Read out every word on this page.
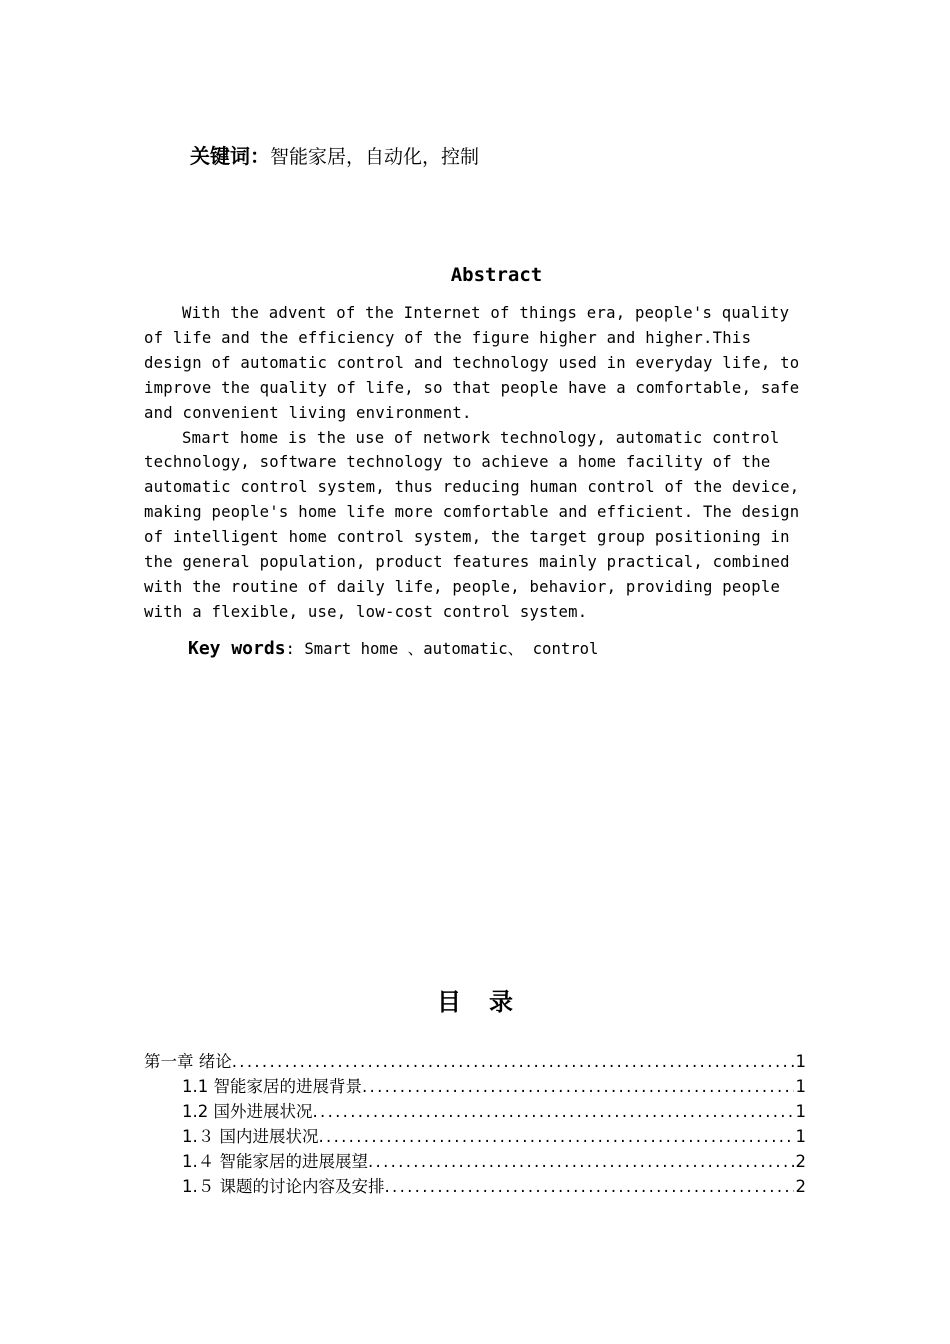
关键词：智能家居，自动化，控制
Abstract

With the advent of the Internet of things era, people's quality
of life and the efficiency of the figure higher and higher.This
design of automatic control and technology used in everyday life, to
improve the quality of life, so that people have a comfortable, safe
and convenient living environment.

Smart home is the use of network technology, automatic control
technology, software technology to achieve a home facility of the
automatic control system, thus reducing human control of the device,
making people's home life more comfortable and efficient. The design
of intelligent home control system, the target group positioning in
the general population, product features mainly practical, combined
with the routine of daily life, people, behavior, providing people
with a flexible, use, low-cost control system.

Key words: Smart home 、automatic、 control
目录
第一章 绪论 .....	1
1.1 智能家居的进展背景 .....	1
1.2 国外进展状况 .....	1
1.３ 国内进展状况 .....	1
1.４ 智能家居的进展展望 .....	2
1.５ 课题的讨论内容及安排 .....	2
